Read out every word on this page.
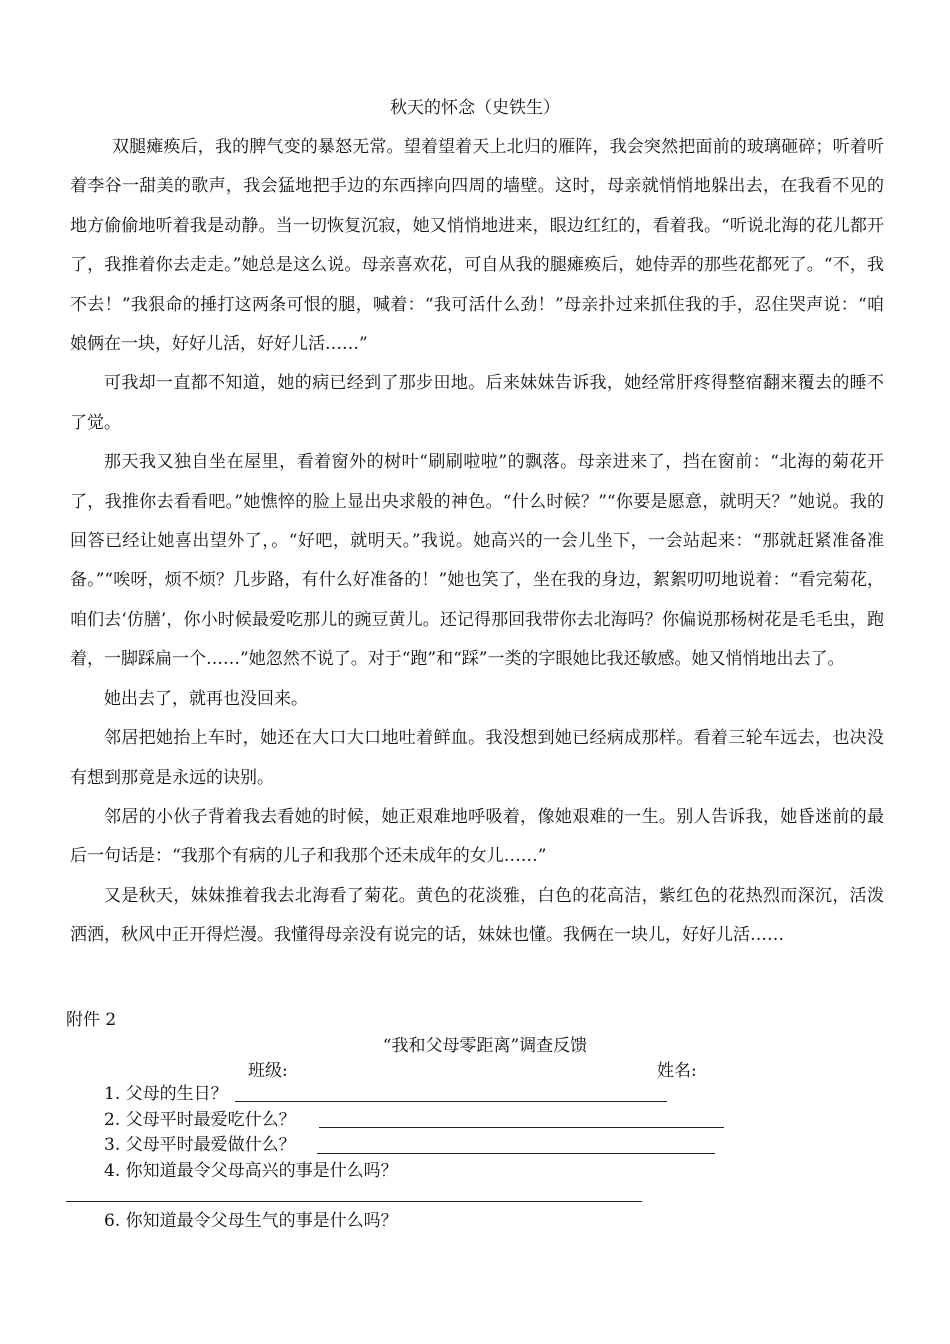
秋天的怀念（史铁生）

双腿瘫痪后，我的脾气变的暴怒无常。望着望着天上北归的雁阵，我会突然把面前的玻璃砸碎；听着听着李谷一甜美的歌声，我会猛地把手边的东西摔向四周的墙壁。这时，母亲就悄悄地躲出去，在我看不见的地方偷偷地听着我是动静。当一切恢复沉寂，她又悄悄地进来，眼边红红的，看着我。“听说北海的花儿都开了，我推着你去走走。”她总是这么说。母亲喜欢花，可自从我的腿瘫痪后，她侍弄的那些花都死了。“不，我不去！”我狠命的捶打这两条可恨的腿，喊着：“我可活什么劲！”母亲扑过来抓住我的手，忍住哭声说：“咱娘俩在一块，好好儿活，好好儿活……”

可我却一直都不知道，她的病已经到了那步田地。后来妹妹告诉我，她经常肝疼得整宿翻来覆去的睡不了觉。

那天我又独自坐在屋里，看着窗外的树叶“刷刷啦啦”的飘落。母亲进来了，挡在窗前：“北海的菊花开了，我推你去看看吧。”她憔悴的脸上显出央求般的神色。“什么时候？”“你要是愿意，就明天？”她说。我的回答已经让她喜出望外了，。“好吧，就明天。”我说。她高兴的一会儿坐下，一会站起来：“那就赶紧准备准备。”“唉呀，烦不烦？几步路，有什么好准备的！”她也笑了，坐在我的身边，絮絮叨叨地说着：“看完菊花，咱们去‘仿膳’，你小时候最爱吃那儿的豌豆黄儿。还记得那回我带你去北海吗？你偏说那杨树花是毛毛虫，跑着，一脚踩扁一个……”她忽然不说了。对于“跑”和“踩”一类的字眼她比我还敏感。她又悄悄地出去了。

她出去了，就再也没回来。

邻居把她抬上车时，她还在大口大口地吐着鲜血。我没想到她已经病成那样。看着三轮车远去，也决没有想到那竟是永远的诀别。

邻居的小伙子背着我去看她的时候，她正艰难地呼吸着，像她艰难的一生。别人告诉我，她昏迷前的最后一句话是：“我那个有病的儿子和我那个还未成年的女儿……”

又是秋天，妹妹推着我去北海看了菊花。黄色的花淡雅，白色的花高洁，紫红色的花热烈而深沉，活泼洒洒，秋风中正开得烂漫。我懂得母亲没有说完的话，妹妹也懂。我俩在一块儿，好好儿活……

附件 2
“我和父母零距离”调查反馈
班级:	姓名:
1. 父母的生日？
2. 父母平时最爱吃什么？
3. 父母平时最爱做什么？
4. 你知道最令父母高兴的事是什么吗？
6. 你知道最令父母生气的事是什么吗？
